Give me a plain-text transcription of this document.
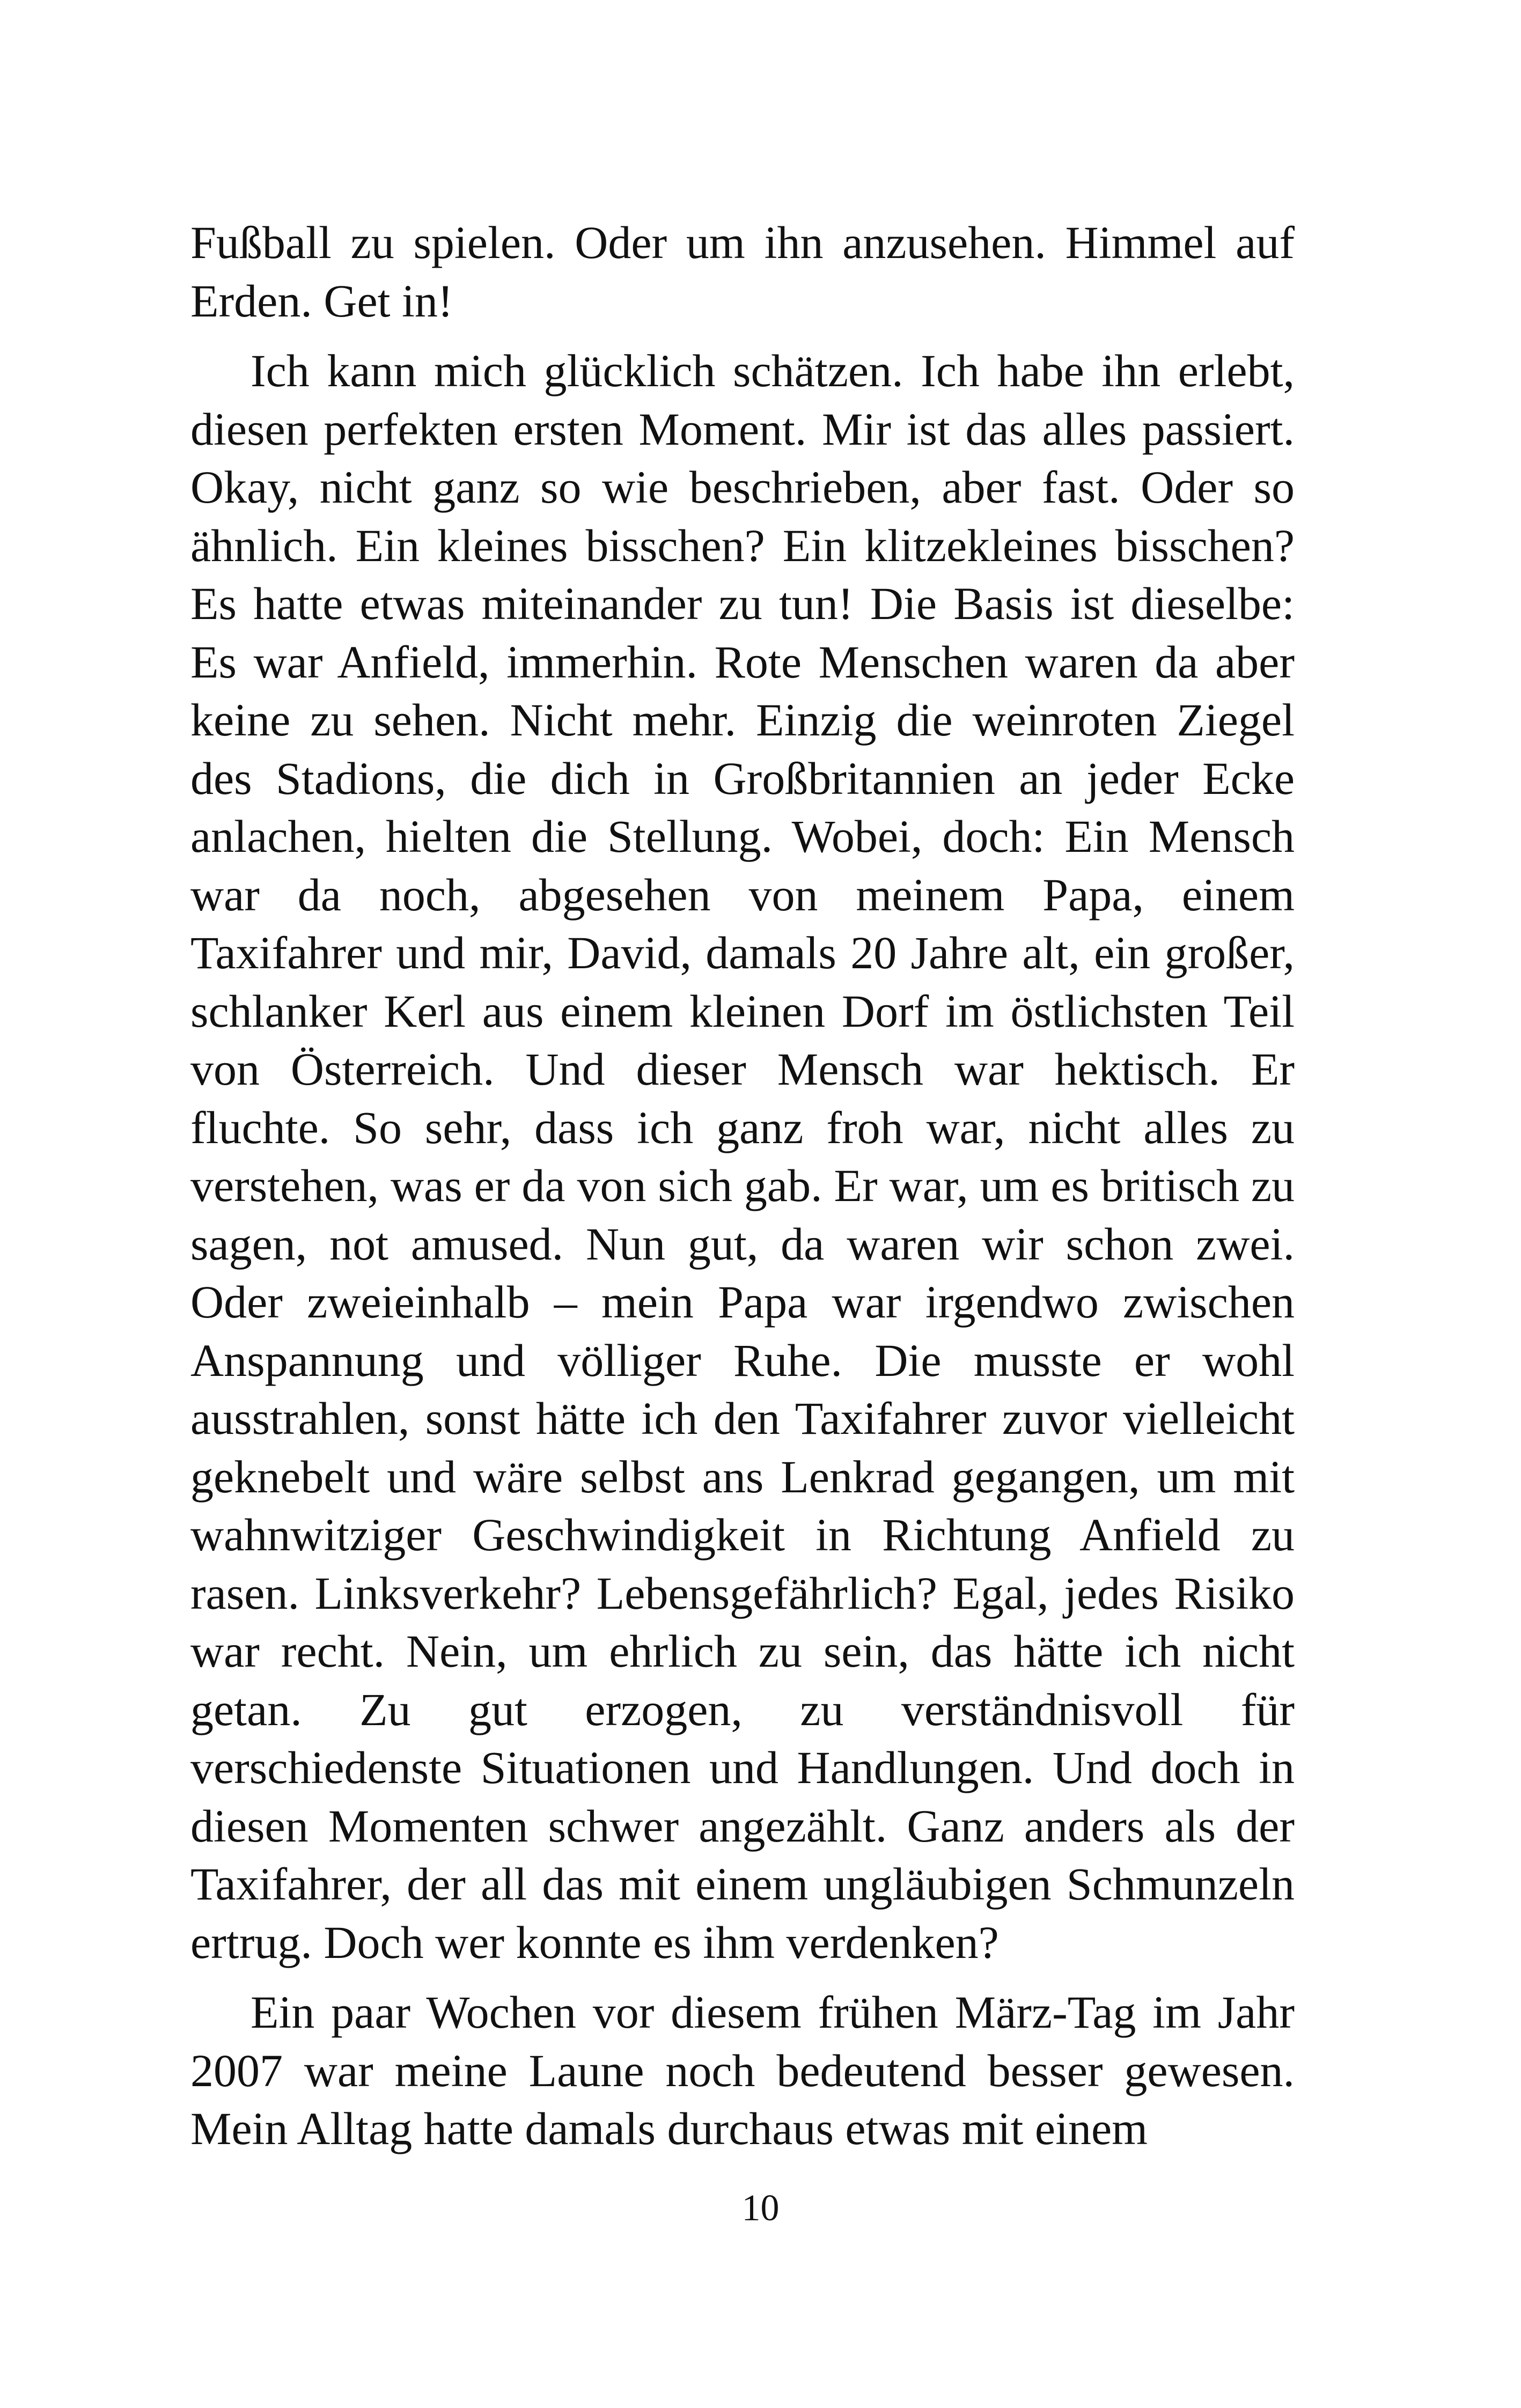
Fußball zu spielen. Oder um ihn anzusehen. Himmel auf Erden. Get in!

Ich kann mich glücklich schätzen. Ich habe ihn erlebt, diesen perfekten ersten Moment. Mir ist das alles passiert. Okay, nicht ganz so wie beschrieben, aber fast. Oder so ähnlich. Ein kleines bisschen? Ein klitzekleines bisschen? Es hatte etwas miteinander zu tun! Die Basis ist dieselbe: Es war Anfield, immerhin. Rote Menschen waren da aber keine zu sehen. Nicht mehr. Einzig die weinroten Ziegel des Stadions, die dich in Großbritannien an jeder Ecke anlachen, hielten die Stellung. Wobei, doch: Ein Mensch war da noch, abgesehen von meinem Papa, einem Taxifahrer und mir, David, damals 20 Jahre alt, ein großer, schlanker Kerl aus einem kleinen Dorf im östlichsten Teil von Österreich. Und dieser Mensch war hektisch. Er fluchte. So sehr, dass ich ganz froh war, nicht alles zu verstehen, was er da von sich gab. Er war, um es britisch zu sagen, not amused. Nun gut, da waren wir schon zwei. Oder zweieinhalb – mein Papa war irgendwo zwischen Anspannung und völliger Ruhe. Die musste er wohl ausstrahlen, sonst hätte ich den Taxifahrer zuvor vielleicht geknebelt und wäre selbst ans Lenkrad gegangen, um mit wahnwitziger Geschwindigkeit in Richtung Anfield zu rasen. Linksverkehr? Lebensgefährlich? Egal, jedes Risiko war recht. Nein, um ehrlich zu sein, das hätte ich nicht getan. Zu gut erzogen, zu verständnisvoll für verschiedenste Situationen und Handlungen. Und doch in diesen Momenten schwer angezählt. Ganz anders als der Taxifahrer, der all das mit einem ungläubigen Schmunzeln ertrug. Doch wer konnte es ihm verdenken?

Ein paar Wochen vor diesem frühen März-Tag im Jahr 2007 war meine Laune noch bedeutend besser gewesen. Mein Alltag hatte damals durchaus etwas mit einem

10
